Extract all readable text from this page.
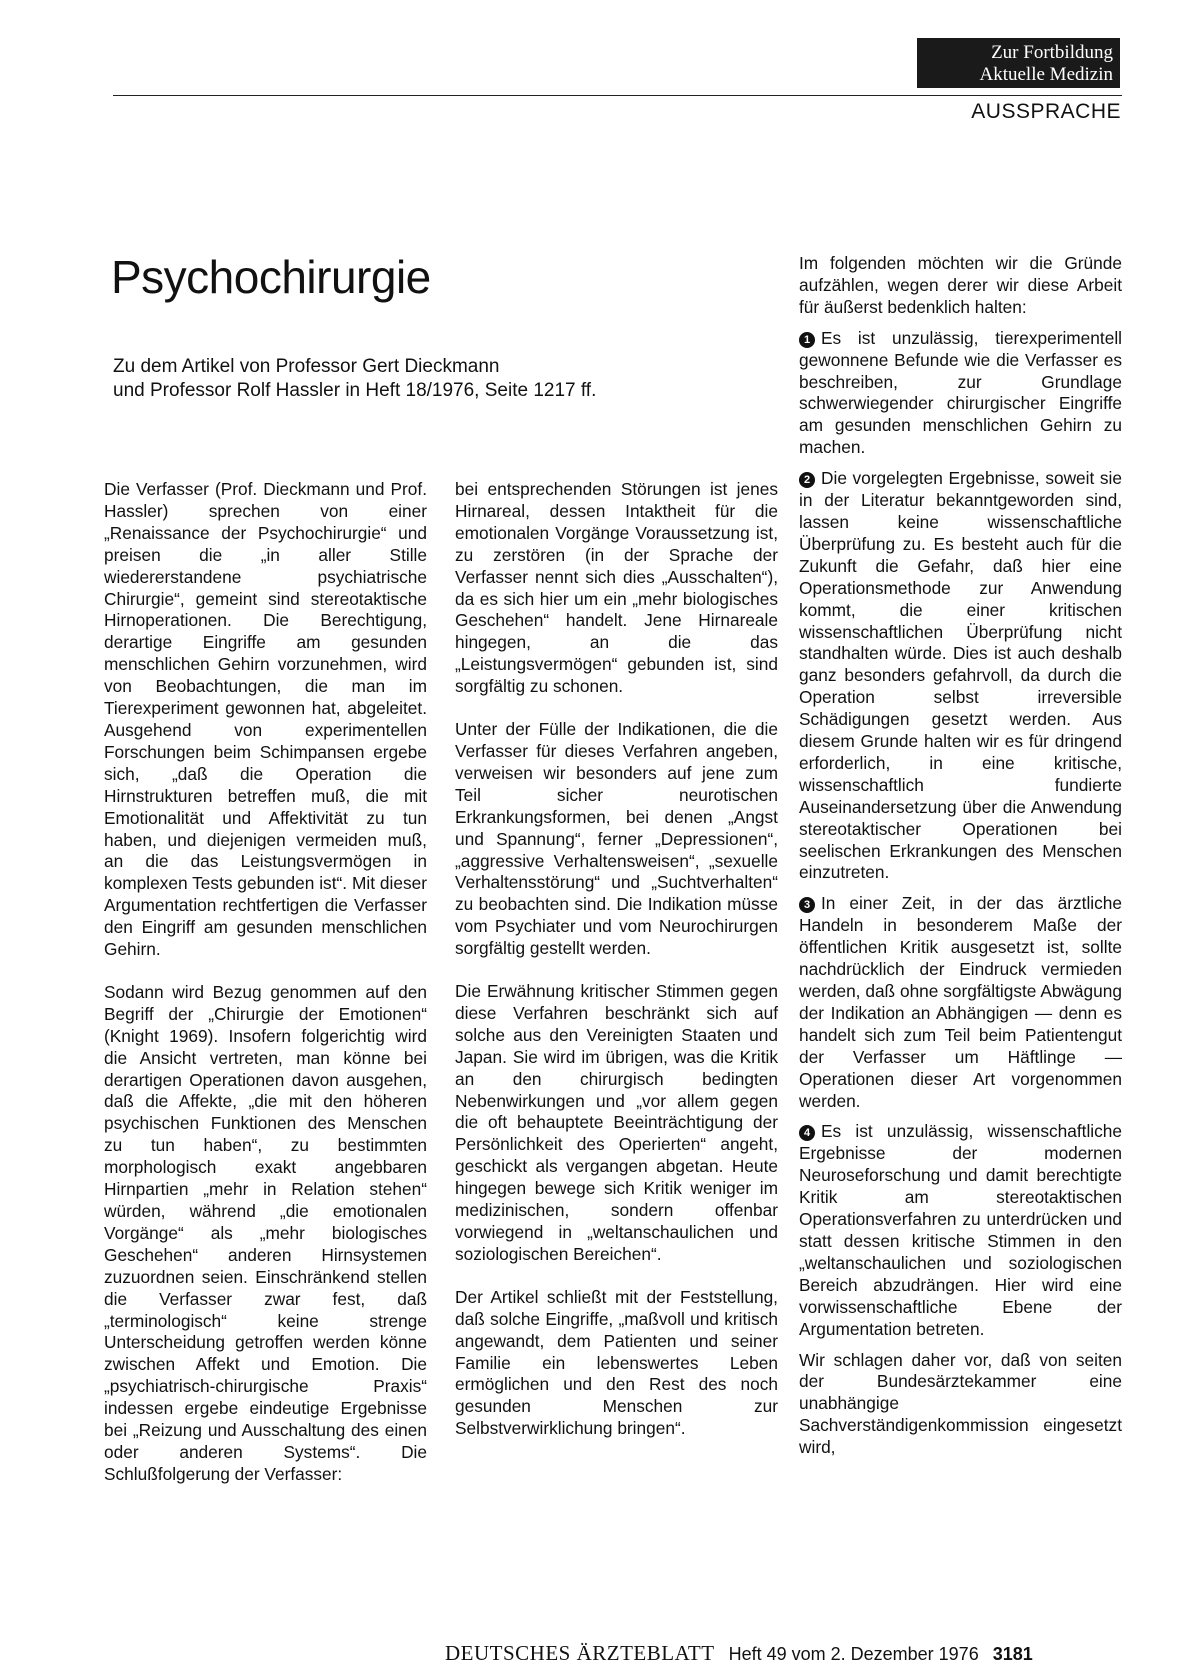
Zur Fortbildung
Aktuelle Medizin
AUSSPRACHE
Psychochirurgie
Zu dem Artikel von Professor Gert Dieckmann
und Professor Rolf Hassler in Heft 18/1976, Seite 1217 ff.

Die Verfasser (Prof. Dieckmann und Prof. Hassler) sprechen von einer „Renaissance der Psychochirurgie“ und preisen die „in aller Stille wiedererstandene psychiatrische Chirurgie“, gemeint sind stereotaktische Hirnoperationen. Die Berechtigung, derartige Eingriffe am gesunden menschlichen Gehirn vorzunehmen, wird von Beobachtungen, die man im Tierexperiment gewonnen hat, abgeleitet. Ausgehend von experimentellen Forschungen beim Schimpansen ergebe sich, „daß die Operation die Hirnstrukturen betreffen muß, die mit Emotionalität und Affektivität zu tun haben, und diejenigen vermeiden muß, an die das Leistungsvermögen in komplexen Tests gebunden ist“. Mit dieser Argumentation rechtfertigen die Verfasser den Eingriff am gesunden menschlichen Gehirn.

Sodann wird Bezug genommen auf den Begriff der „Chirurgie der Emotionen“ (Knight 1969). Insofern folgerichtig wird die Ansicht vertreten, man könne bei derartigen Operationen davon ausgehen, daß die Affekte, „die mit den höheren psychischen Funktionen des Menschen zu tun haben“, zu bestimmten morphologisch exakt angebbaren Hirnpartien „mehr in Relation stehen“ würden, während „die emotionalen Vorgänge“ als „mehr biologisches Geschehen“ anderen Hirnsystemen zuzuordnen seien. Einschränkend stellen die Verfasser zwar fest, daß „terminologisch“ keine strenge Unterscheidung getroffen werden könne zwischen Affekt und Emotion. Die „psychiatrisch-chirurgische Praxis“ indessen ergebe eindeutige Ergebnisse bei „Reizung und Ausschaltung des einen oder anderen Systems“. Die Schlußfolgerung der Verfasser:

bei entsprechenden Störungen ist jenes Hirnareal, dessen Intaktheit für die emotionalen Vorgänge Voraussetzung ist, zu zerstören (in der Sprache der Verfasser nennt sich dies „Ausschalten“), da es sich hier um ein „mehr biologisches Geschehen“ handelt. Jene Hirnareale hingegen, an die das „Leistungsvermögen“ gebunden ist, sind sorgfältig zu schonen.

Unter der Fülle der Indikationen, die die Verfasser für dieses Verfahren angeben, verweisen wir besonders auf jene zum Teil sicher neurotischen Erkrankungsformen, bei denen „Angst und Spannung“, ferner „Depressionen“, „aggressive Verhaltensweisen“, „sexuelle Verhaltensstörung“ und „Suchtverhalten“ zu beobachten sind. Die Indikation müsse vom Psychiater und vom Neurochirurgen sorgfältig gestellt werden.

Die Erwähnung kritischer Stimmen gegen diese Verfahren beschränkt sich auf solche aus den Vereinigten Staaten und Japan. Sie wird im übrigen, was die Kritik an den chirurgisch bedingten Nebenwirkungen und „vor allem gegen die oft behauptete Beeinträchtigung der Persönlichkeit des Operierten“ angeht, geschickt als vergangen abgetan. Heute hingegen bewege sich Kritik weniger im medizinischen, sondern offenbar vorwiegend in „weltanschaulichen und soziologischen Bereichen“.

Der Artikel schließt mit der Feststellung, daß solche Eingriffe, „maßvoll und kritisch angewandt, dem Patienten und seiner Familie ein lebenswertes Leben ermöglichen und den Rest des noch gesunden Menschen zur Selbstverwirklichung bringen“.

Im folgenden möchten wir die Gründe aufzählen, wegen derer wir diese Arbeit für äußerst bedenklich halten:

1 Es ist unzulässig, tierexperimentell gewonnene Befunde wie die Verfasser es beschreiben, zur Grundlage schwerwiegender chirurgischer Eingriffe am gesunden menschlichen Gehirn zu machen.

2 Die vorgelegten Ergebnisse, soweit sie in der Literatur bekanntgeworden sind, lassen keine wissenschaftliche Überprüfung zu. Es besteht auch für die Zukunft die Gefahr, daß hier eine Operationsmethode zur Anwendung kommt, die einer kritischen wissenschaftlichen Überprüfung nicht standhalten würde. Dies ist auch deshalb ganz besonders gefahrvoll, da durch die Operation selbst irreversible Schädigungen gesetzt werden. Aus diesem Grunde halten wir es für dringend erforderlich, in eine kritische, wissenschaftlich fundierte Auseinandersetzung über die Anwendung stereotaktischer Operationen bei seelischen Erkrankungen des Menschen einzutreten.

3 In einer Zeit, in der das ärztliche Handeln in besonderem Maße der öffentlichen Kritik ausgesetzt ist, sollte nachdrücklich der Eindruck vermieden werden, daß ohne sorgfältigste Abwägung der Indikation an Abhängigen — denn es handelt sich zum Teil beim Patientengut der Verfasser um Häftlinge — Operationen dieser Art vorgenommen werden.

4 Es ist unzulässig, wissenschaftliche Ergebnisse der modernen Neuroseforschung und damit berechtigte Kritik am stereotaktischen Operationsverfahren zu unterdrücken und statt dessen kritische Stimmen in den „weltanschaulichen und soziologischen Bereich abzudrängen. Hier wird eine vorwissenschaftliche Ebene der Argumentation betreten.

Wir schlagen daher vor, daß von seiten der Bundesärztekammer eine unabhängige Sachverständigenkommission eingesetzt wird,

DEUTSCHES ÄRZTEBLATT Heft 49 vom 2. Dezember 1976 3181
